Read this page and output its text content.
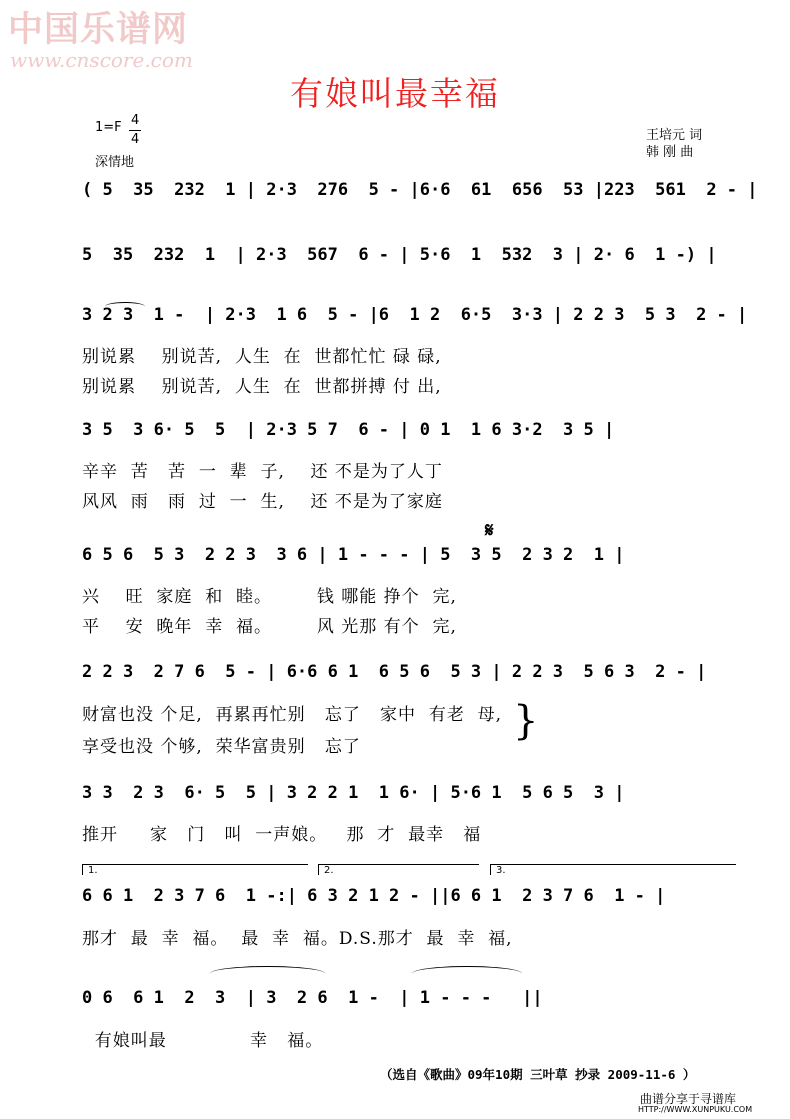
中国乐谱网
www.cnscore.com
有娘叫最幸福
1=F 4
4
深情地
王培元 词
韩 刚 曲
( 5  35  232  1 | 2·3  276  5 - |6·6  61  656  53 |223  561  2 - |
5  35  232  1  | 2·3  567  6 - | 5·6  1  532  3 | 2· 6  1 -) |
3 2 3  1 -  | 2·3  1 6  5 - |6  1 2  6·5  3·3 | 2 2 3  5 3  2 - |
别说累    别说苦,  人生  在  世都忙忙 碌 碌,
别说累    别说苦,  人生  在  世都拼搏 付 出,
3 5  3 6· 5  5  | 2·3 5 7  6 - | 0 1  1 6 3·2  3 5 |
辛辛  苦   苦  一  辈  子,    还 不是为了人丁
风风  雨   雨  过  一  生,    还 不是为了家庭
𝄋
6 5 6  5 3  2 2 3  3 6 | 1 - - - | 5  3 5  2 3 2  1 |
兴    旺  家庭  和  睦。       钱 哪能 挣个  完,
平    安  晚年  幸  福。       风 光那 有个  完,
2 2 3  2 7 6  5 - | 6·6 6 1  6 5 6  5 3 | 2 2 3  5 6 3  2 - |
财富也没 个足,  再累再忙别   忘了   家中  有老  母,
享受也没 个够,  荣华富贵别   忘了
}
3 3  2 3  6· 5  5 | 3 2 2 1  1 6· | 5·6 1  5 6 5  3 |
推开     家   门   叫  一声娘。   那  才  最幸   福
1.	2.	3.
6 6 1  2 3 7 6  1 -:| 6 3 2 1 2 - ||6 6 1  2 3 7 6  1 - |
那才  最  幸  福。  最  幸  福。D.S.那才  最  幸  福,
0 6  6 1  2  3  | 3  2 6  1 -  | 1 - - -   ||
有娘叫最             幸   福。
（选自《歌曲》09年10期 三叶草 抄录 2009-11-6 ）
曲谱分享于寻谱库
HTTP://WWW.XUNPUKU.COM
